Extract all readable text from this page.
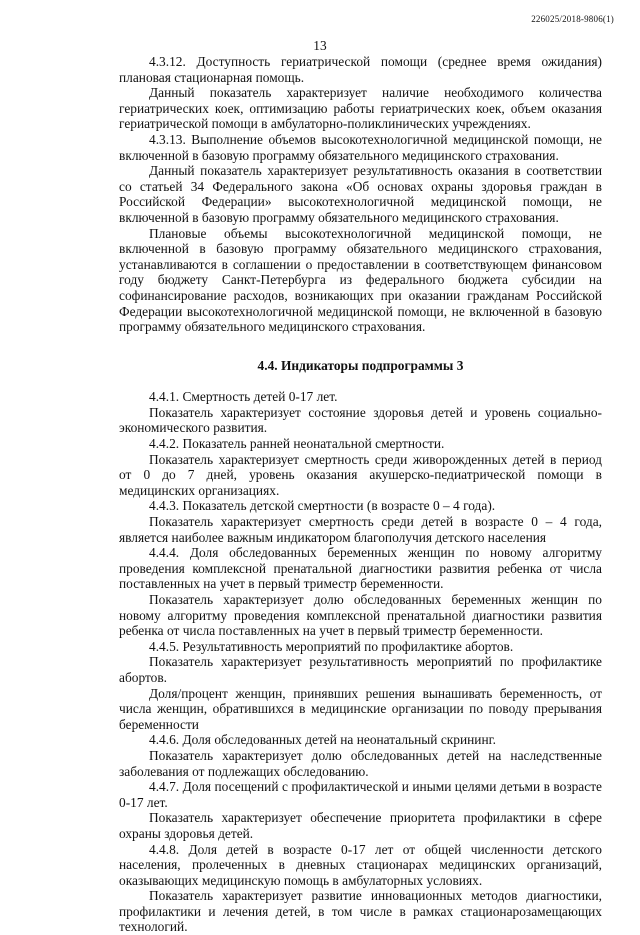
226025/2018-9806(1)
13

4.3.12. Доступность гериатрической помощи (среднее время ожидания) плановая стационарная помощь.

Данный показатель характеризует наличие необходимого количества гериатрических коек, оптимизацию работы гериатрических коек, объем оказания гериатрической помощи в амбулаторно-поликлинических учреждениях.

4.3.13. Выполнение объемов высокотехнологичной медицинской помощи, не включенной в базовую программу обязательного медицинского страхования.

Данный показатель характеризует результативность оказания в соответствии со статьей 34 Федерального закона «Об основах охраны здоровья граждан в Российской Федерации» высокотехнологичной медицинской помощи, не включенной в базовую программу обязательного медицинского страхования.

Плановые объемы высокотехнологичной медицинской помощи, не включенной в базовую программу обязательного медицинского страхования, устанавливаются в соглашении о предоставлении в соответствующем финансовом году бюджету Санкт-Петербурга из федерального бюджета субсидии на софинансирование расходов, возникающих при оказании гражданам Российской Федерации высокотехнологичной медицинской помощи, не включенной в базовую программу обязательного медицинского страхования.

4.4. Индикаторы подпрограммы 3

4.4.1. Смертность детей 0-17 лет.

Показатель характеризует состояние здоровья детей и уровень социально-экономического развития.

4.4.2. Показатель ранней неонатальной смертности.

Показатель характеризует смертность среди живорожденных детей в период от 0 до 7 дней, уровень оказания акушерско-педиатрической помощи в медицинских организациях.

4.4.3. Показатель детской смертности (в возрасте 0 – 4 года).

Показатель характеризует смертность среди детей в возрасте 0 – 4 года, является наиболее важным индикатором благополучия детского населения

4.4.4. Доля обследованных беременных женщин по новому алгоритму проведения комплексной пренатальной диагностики развития ребенка от числа поставленных на учет в первый триместр беременности.

Показатель характеризует долю обследованных беременных женщин по новому алгоритму проведения комплексной пренатальной диагностики развития ребенка от числа поставленных на учет в первый триместр беременности.

4.4.5. Результативность мероприятий по профилактике абортов.

Показатель характеризует результативность мероприятий по профилактике абортов.

Доля/процент женщин, принявших решения вынашивать беременность, от числа женщин, обратившихся в медицинские организации по поводу прерывания беременности

4.4.6. Доля обследованных детей на неонатальный скрининг.

Показатель характеризует долю обследованных детей на наследственные заболевания от подлежащих обследованию.

4.4.7. Доля посещений с профилактической и иными целями детьми в возрасте 0-17 лет.

Показатель характеризует обеспечение приоритета профилактики в сфере охраны здоровья детей.

4.4.8. Доля детей в возрасте 0-17 лет от общей численности детского населения, пролеченных в дневных стационарах медицинских организаций, оказывающих медицинскую помощь в амбулаторных условиях.

Показатель характеризует развитие инновационных методов диагностики, профилактики и лечения детей, в том числе в рамках стационарозамещающих технологий.
